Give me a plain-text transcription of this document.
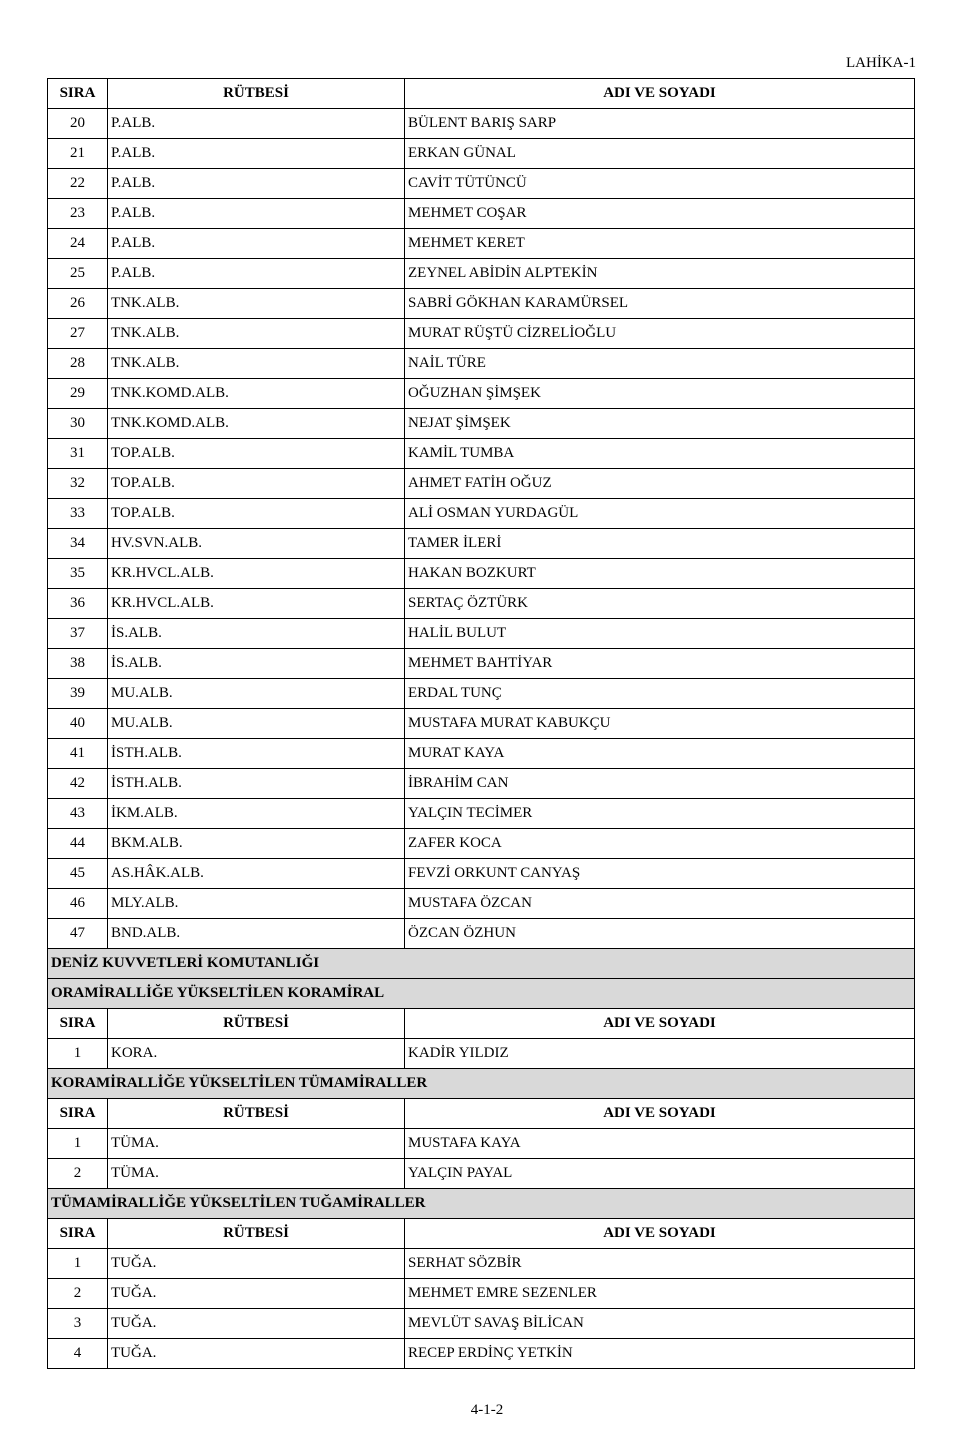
LAHİKA-1
SIRA	RÜTBESİ	ADI VE SOYADI
20	P.ALB.	BÜLENT BARIŞ SARP
21	P.ALB.	ERKAN GÜNAL
22	P.ALB.	CAVİT TÜTÜNCÜ
23	P.ALB.	MEHMET COŞAR
24	P.ALB.	MEHMET KERET
25	P.ALB.	ZEYNEL ABİDİN ALPTEKİN
26	TNK.ALB.	SABRİ GÖKHAN KARAMÜRSEL
27	TNK.ALB.	MURAT RÜŞTÜ CİZRELİOĞLU
28	TNK.ALB.	NAİL TÜRE
29	TNK.KOMD.ALB.	OĞUZHAN ŞİMŞEK
30	TNK.KOMD.ALB.	NEJAT ŞİMŞEK
31	TOP.ALB.	KAMİL TUMBA
32	TOP.ALB.	AHMET FATİH OĞUZ
33	TOP.ALB.	ALİ OSMAN YURDAGÜL
34	HV.SVN.ALB.	TAMER İLERİ
35	KR.HVCL.ALB.	HAKAN BOZKURT
36	KR.HVCL.ALB.	SERTAÇ ÖZTÜRK
37	İS.ALB.	HALİL BULUT
38	İS.ALB.	MEHMET BAHTİYAR
39	MU.ALB.	ERDAL TUNÇ
40	MU.ALB.	MUSTAFA MURAT KABUKÇU
41	İSTH.ALB.	MURAT KAYA
42	İSTH.ALB.	İBRAHİM CAN
43	İKM.ALB.	YALÇIN TECİMER
44	BKM.ALB.	ZAFER KOCA
45	AS.HÂK.ALB.	FEVZİ ORKUNT CANYAŞ
46	MLY.ALB.	MUSTAFA ÖZCAN
47	BND.ALB.	ÖZCAN ÖZHUN
DENİZ KUVVETLERİ KOMUTANLIĞI		
ORAMİRALLİĞE YÜKSELTİLEN KORAMİRAL		
SIRA	RÜTBESİ	ADI VE SOYADI
1	KORA.	KADİR YILDIZ
KORAMİRALLİĞE YÜKSELTİLEN TÜMAMİRALLER		
SIRA	RÜTBESİ	ADI VE SOYADI
1	TÜMA.	MUSTAFA KAYA
2	TÜMA.	YALÇIN PAYAL
TÜMAMİRALLİĞE YÜKSELTİLEN TUĞAMİRALLER		
SIRA	RÜTBESİ	ADI VE SOYADI
1	TUĞA.	SERHAT SÖZBİR
2	TUĞA.	MEHMET EMRE SEZENLER
3	TUĞA.	MEVLÜT SAVAŞ BİLİCAN
4	TUĞA.	RECEP ERDİNÇ YETKİN
4-1-2
